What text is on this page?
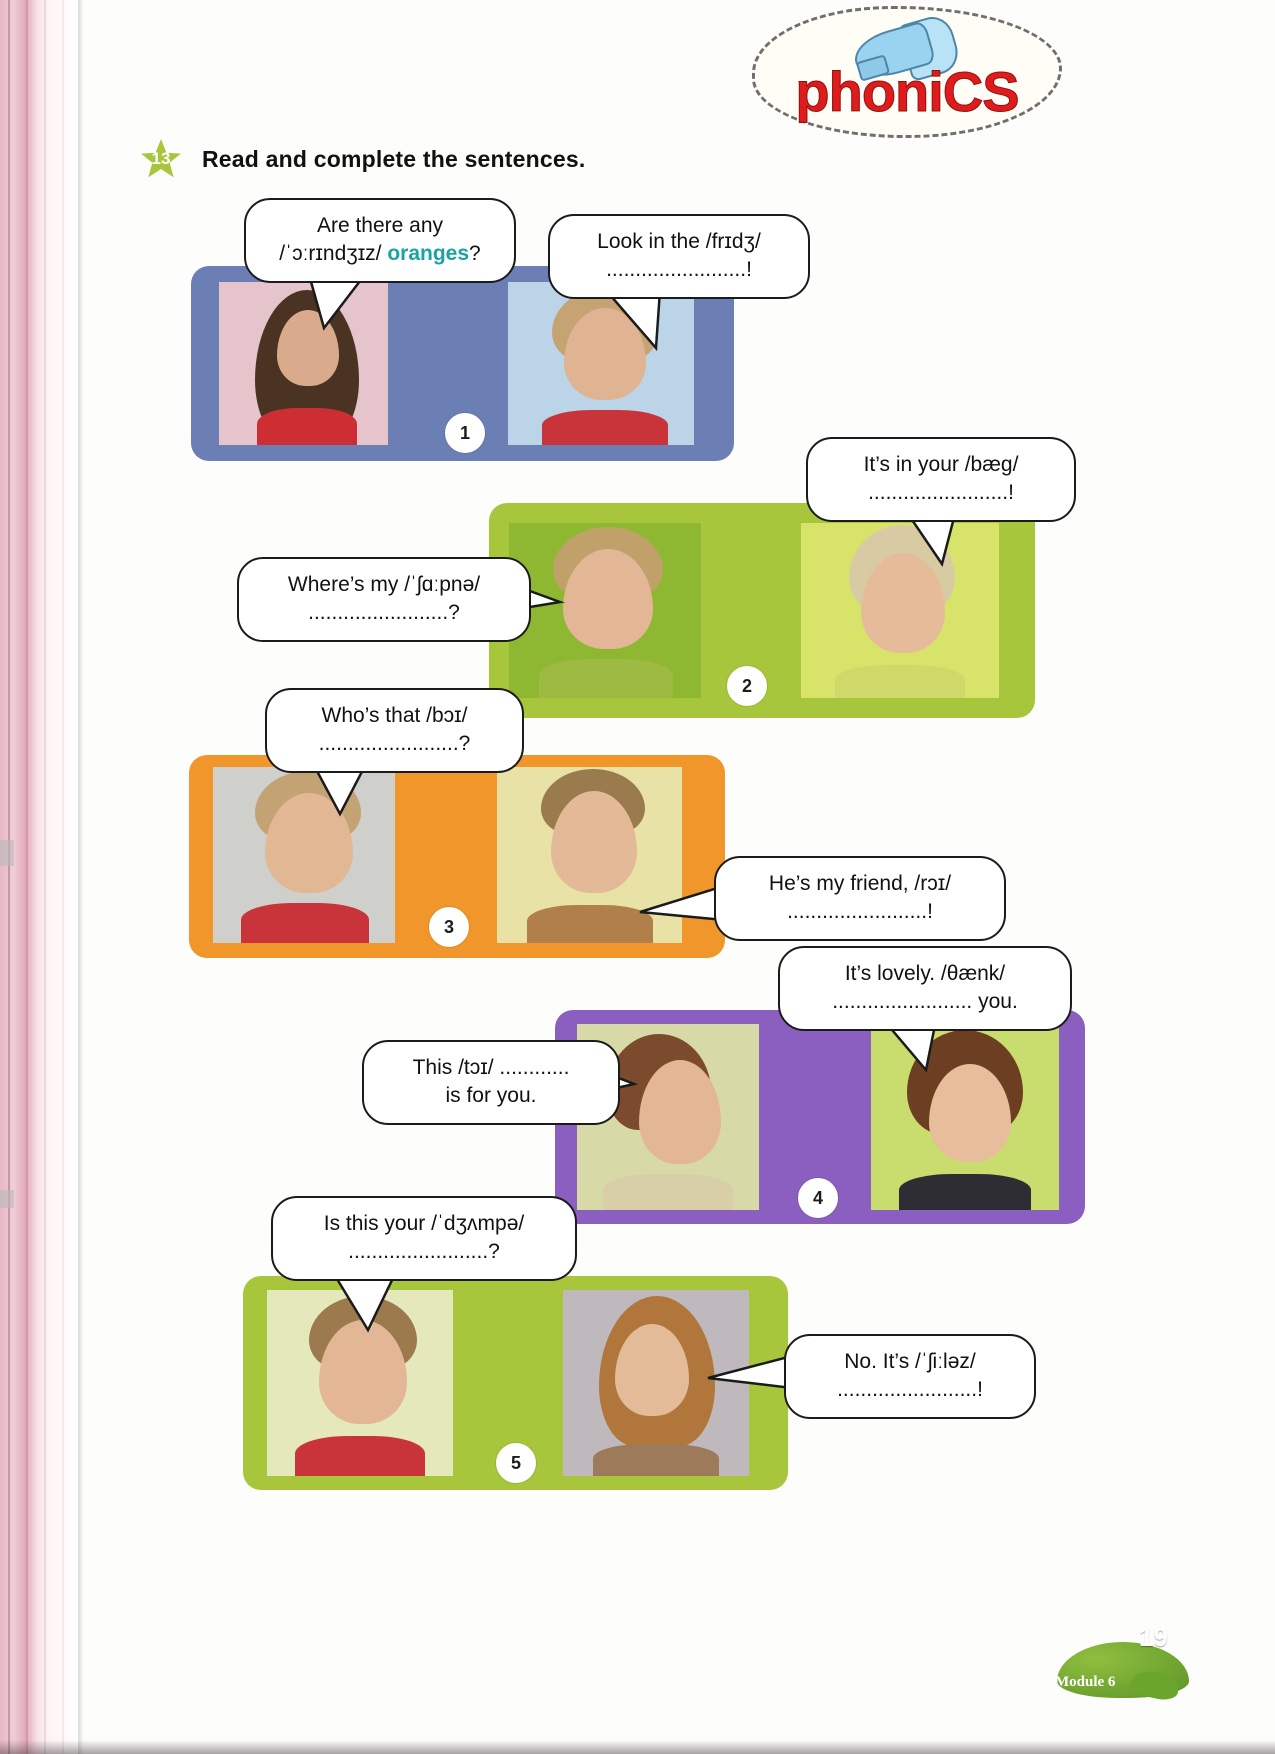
phoniCS
13	Read and complete the sentences.
1
Are there any
/ˈɔːrɪndʒɪz/ oranges?
Look in the /frɪdʒ/
........................!
2
Where’s my /ˈʃɑːpnə/
........................?
It’s in your /bæg/
........................!
3
Who’s that /bɔɪ/
........................?
He’s my friend, /rɔɪ/
........................!
4
This /tɔɪ/ ............
is for you.
It’s lovely. /θænk/
........................ you.
5
Is this your /ˈdʒʌmpə/
........................?
No. It’s /ˈʃiːləz/
........................!
19
Module 6
